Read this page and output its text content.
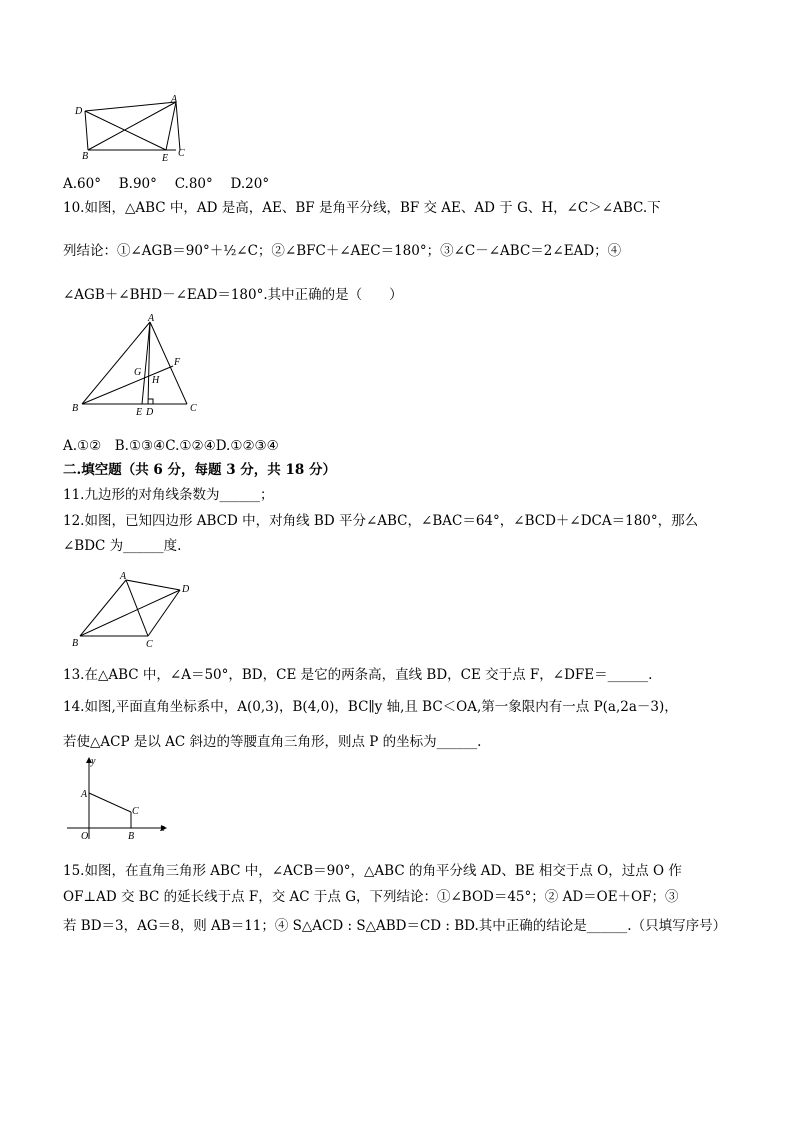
D
A
B	E C
A.60°　 B.90°　 C.80°　 D.20°
10.如图，△ABC 中，AD 是高，AE、BF 是角平分线，BF 交 AE、AD 于 G、H，∠C＞∠ABC.下
列结论：①∠AGB＝90°＋½∠C；②∠BFC＋∠AEC＝180°；③∠C－∠ABC＝2∠EAD；④
∠AGB＋∠BHD－∠EAD＝180°.其中正确的是（　　）
A
F
G
H
B	E D	C
A.①②　B.①③④C.①②④D.①②③④
二.填空题（共 6 分，每题 3 分，共 18 分）
11.九边形的对角线条数为______；
12.如图，已知四边形 ABCD 中，对角线 BD 平分∠ABC，∠BAC＝64°，∠BCD＋∠DCA＝180°，那么
∠BDC 为______度.
A
D
B	C
13.在△ABC 中，∠A＝50°，BD，CE 是它的两条高，直线 BD，CE 交于点 F，∠DFE＝______.
14.如图,平面直角坐标系中，A(0,3)，B(4,0)，BC∥y 轴,且 BC＜OA,第一象限内有一点 P(a,2a－3)，
若使△ACP 是以 AC 斜边的等腰直角三角形，则点 P 的坐标为______.
y
A
C
O	B
x
15.如图，在直角三角形 ABC 中，∠ACB＝90°，△ABC 的角平分线 AD、BE 相交于点 O，过点 O 作
OF⊥AD 交 BC 的延长线于点 F，交 AC 于点 G，下列结论：①∠BOD＝45°；② AD＝OE＋OF；③
若 BD＝3，AG＝8，则 AB＝11；④ S△ACD : S△ABD＝CD : BD.其中正确的结论是______.（只填写序号）
